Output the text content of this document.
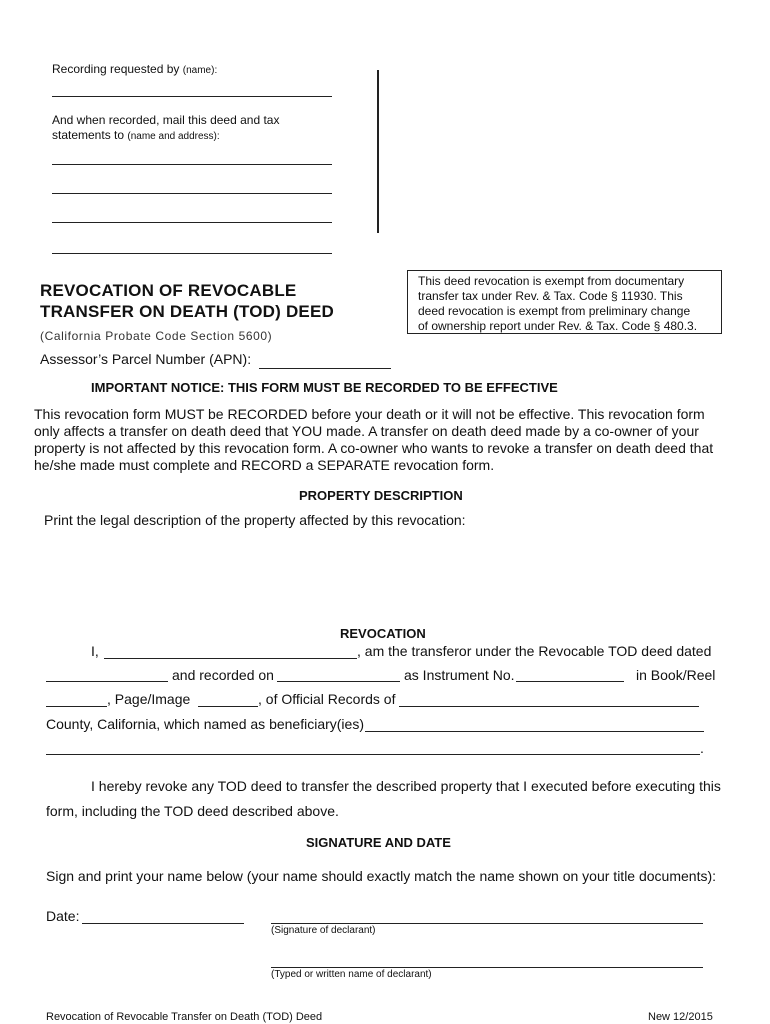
Recording requested by (name):
And when recorded, mail this deed and tax
statements to (name and address):
REVOCATION OF REVOCABLE
TRANSFER ON DEATH (TOD) DEED
(California Probate Code Section 5600)
This deed revocation is exempt from documentary
transfer tax under Rev. & Tax. Code § 11930. This
deed revocation is exempt from preliminary change
of ownership report under Rev. & Tax. Code § 480.3.
Assessor’s Parcel Number (APN):
IMPORTANT NOTICE: THIS FORM MUST BE RECORDED TO BE EFFECTIVE
This revocation form MUST be RECORDED before your death or it will not be effective. This revocation form
only affects a transfer on death deed that YOU made. A transfer on death deed made by a co-owner of your
property is not affected by this revocation form. A co-owner who wants to revoke a transfer on death deed that
he/she made must complete and RECORD a SEPARATE revocation form.
PROPERTY DESCRIPTION
Print the legal description of the property affected by this revocation:
REVOCATION
I,	, am the transferor under the Revocable TOD deed dated
and recorded on	as Instrument No.	in Book/Reel
, Page/Image	, of Official Records of
County, California, which named as beneficiary(ies)
.
I hereby revoke any TOD deed to transfer the described property that I executed before executing this
form, including the TOD deed described above.
SIGNATURE AND DATE
Sign and print your name below (your name should exactly match the name shown on your title documents):
Date:
(Signature of declarant)
(Typed or written name of declarant)
Revocation of Revocable Transfer on Death (TOD) Deed	New 12/2015
